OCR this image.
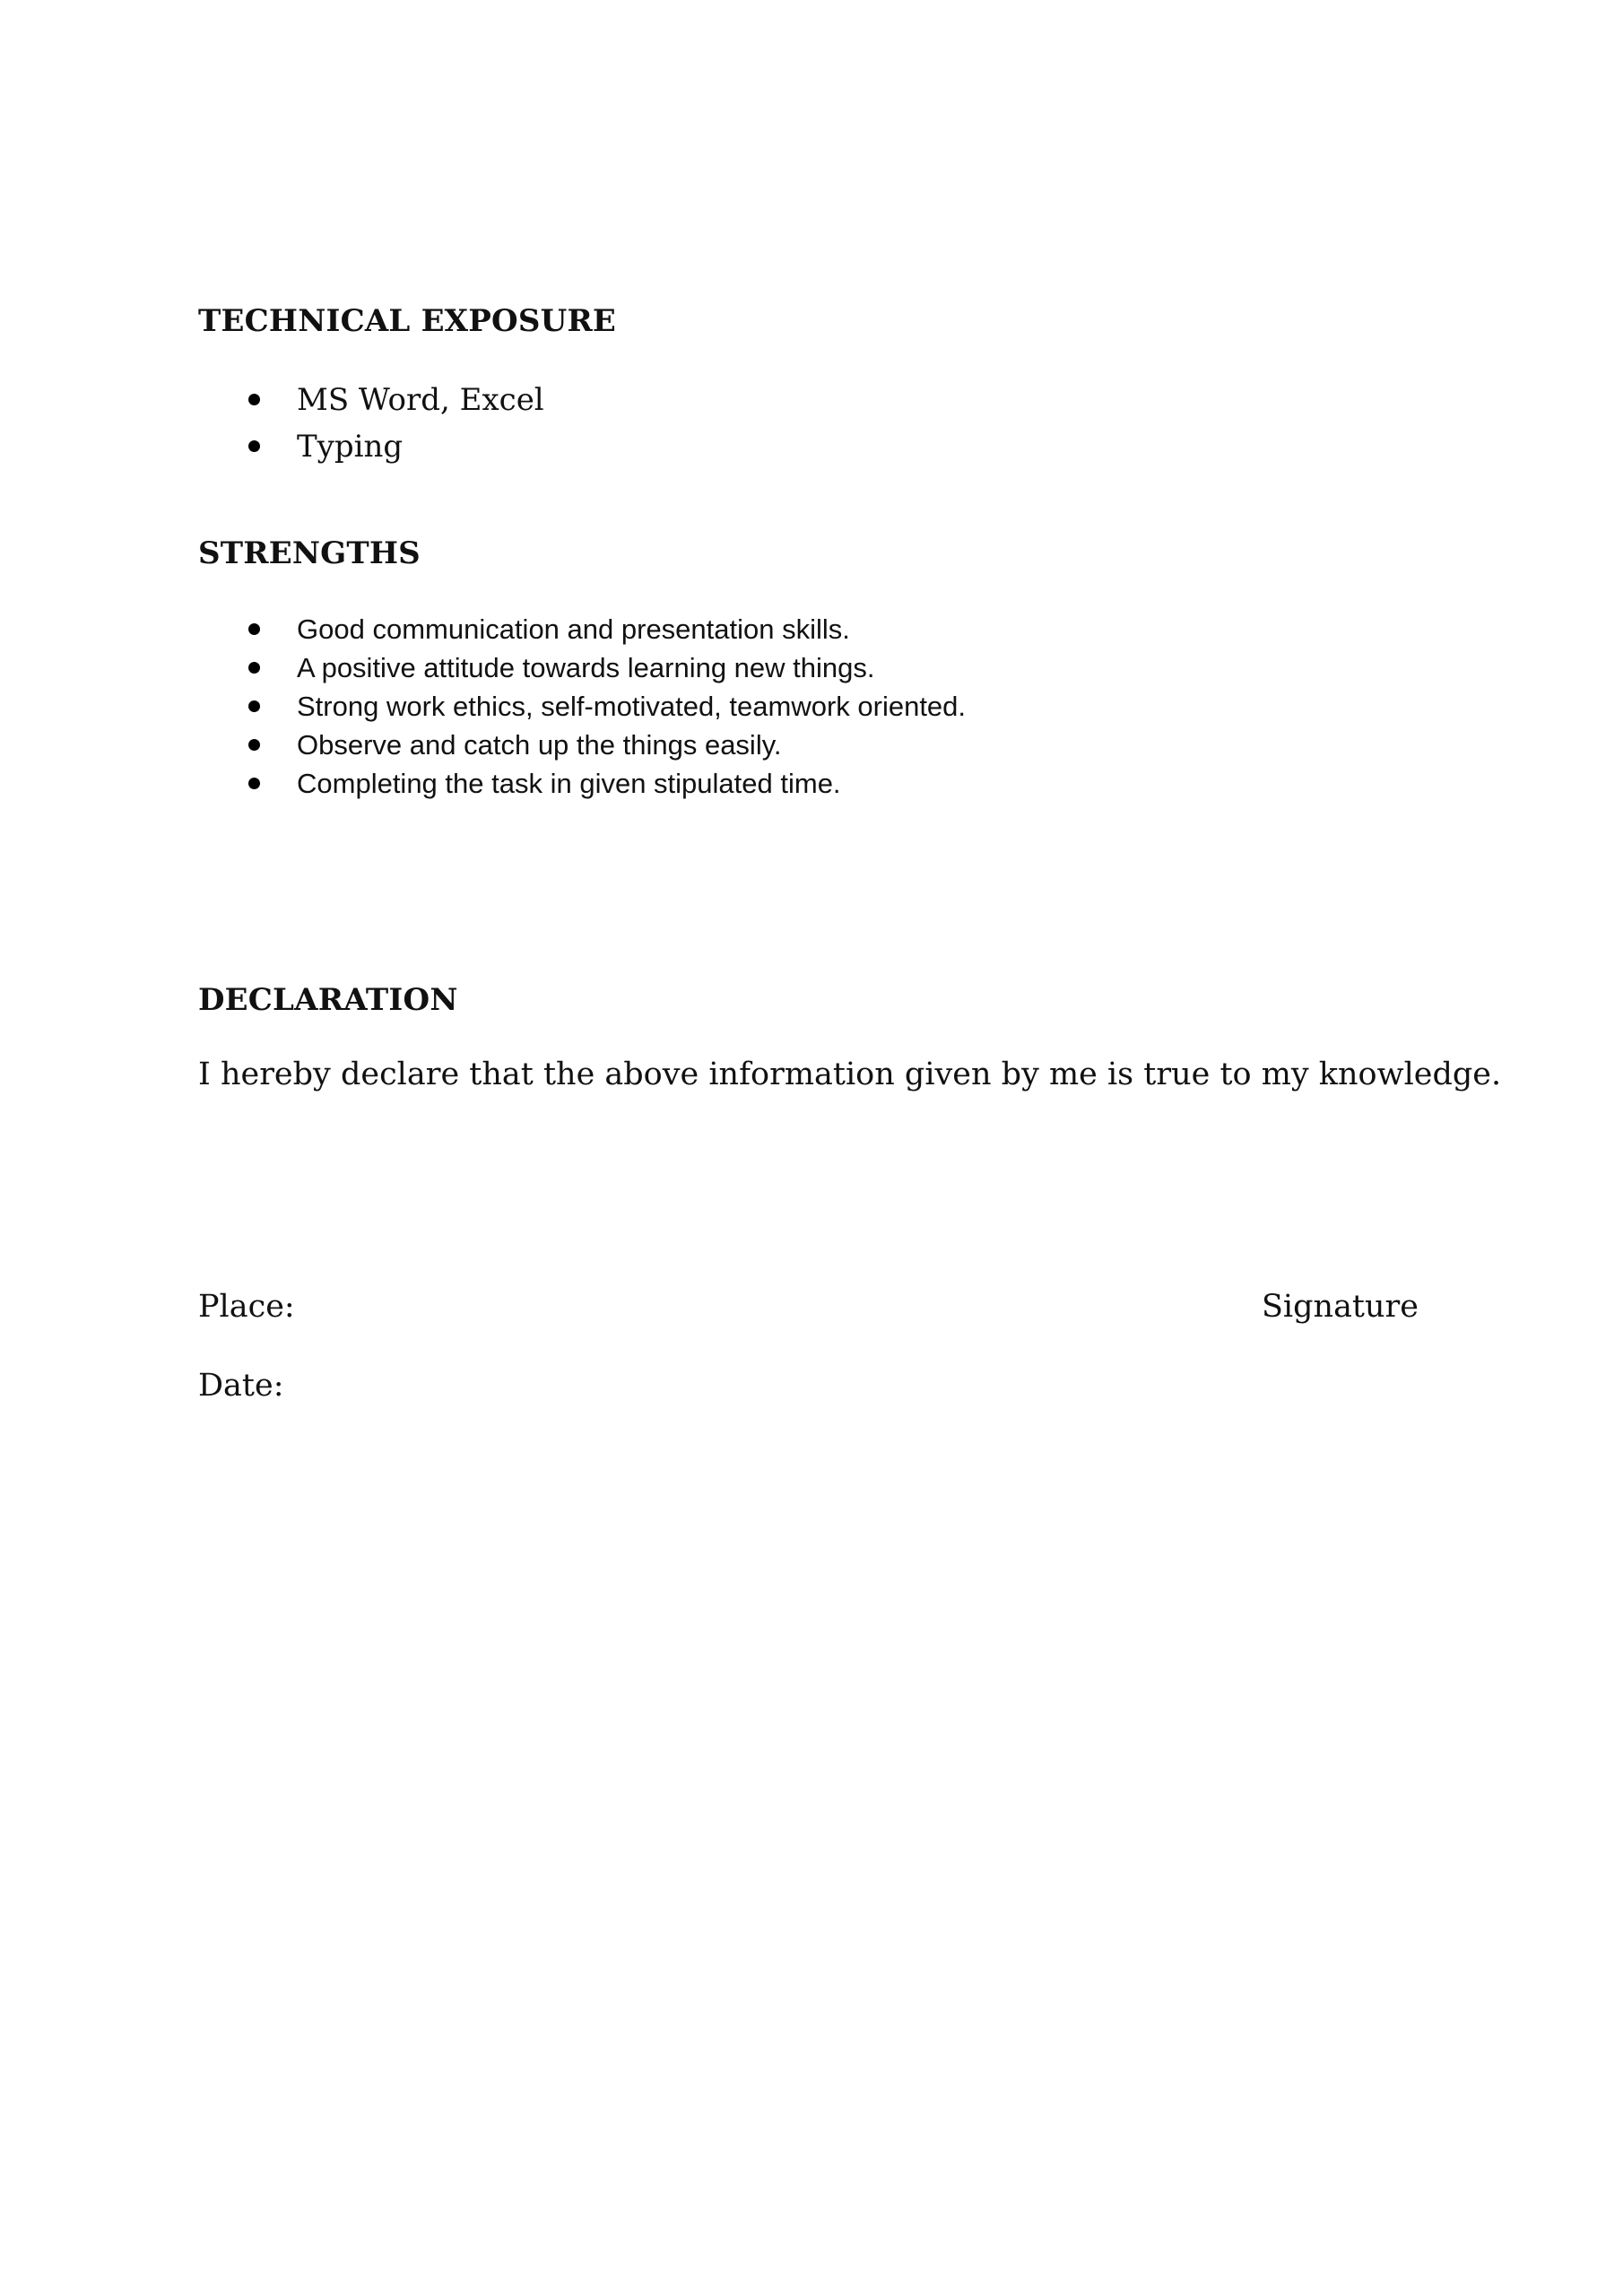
TECHNICAL EXPOSURE
MS Word, Excel
Typing
STRENGTHS
Good communication and presentation skills.
A positive attitude towards learning new things.
Strong work ethics, self-motivated, teamwork oriented.
Observe and catch up the things easily.
Completing the task in given stipulated time.
DECLARATION

I hereby declare that the above information given by me is true to my knowledge.

Place:	Signature

Date:
